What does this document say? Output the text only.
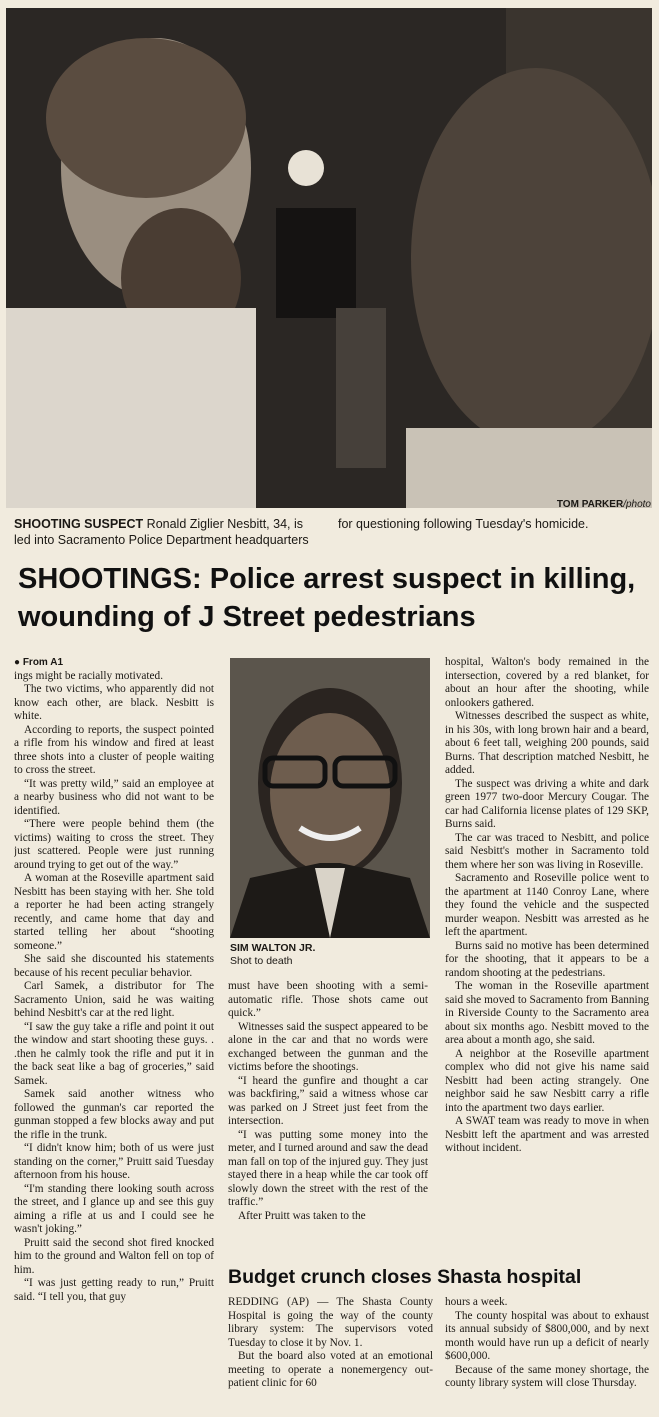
TOM PARKER/photo
SHOOTING SUSPECT Ronald Ziglier Nesbitt, 34, is led into Sacramento Police Department headquarters for questioning following Tuesday's homicide.
SHOOTINGS: Police arrest suspect in killing, wounding of J Street pedestrians
● From A1

ings might be racially motivated.

The two victims, who apparently did not know each other, are black. Nesbitt is white.

According to reports, the suspect pointed a rifle from his window and fired at least three shots into a cluster of people waiting to cross the street.

“It was pretty wild,” said an employee at a nearby business who did not want to be identified.

“There were people behind them (the victims) waiting to cross the street. They just scattered. People were just running around trying to get out of the way.”

A woman at the Roseville apartment said Nesbitt has been staying with her. She told a reporter he had been acting strangely recently, and came home that day and started telling her about “shooting someone.”

She said she discounted his statements because of his recent peculiar behavior.

Carl Samek, a distributor for The Sacramento Union, said he was waiting behind Nesbitt's car at the red light.

“I saw the guy take a rifle and point it out the window and start shooting these guys. . .then he calmly took the rifle and put it in the back seat like a bag of groceries,” said Samek.

Samek said another witness who followed the gunman's car reported the gunman stopped a few blocks away and put the rifle in the trunk.

“I didn't know him; both of us were just standing on the corner,” Pruitt said Tuesday afternoon from his house.

“I'm standing there looking south across the street, and I glance up and see this guy aiming a rifle at us and I could see he wasn't joking.”

Pruitt said the second shot fired knocked him to the ground and Walton fell on top of him.

“I was just getting ready to run,” Pruitt said. “I tell you, that guy

SIM WALTON JR.
Shot to death

must have been shooting with a semi-automatic rifle. Those shots came out quick.”

Witnesses said the suspect appeared to be alone in the car and that no words were exchanged between the gunman and the victims before the shootings.

“I heard the gunfire and thought a car was backfiring,” said a witness whose car was parked on J Street just feet from the intersection.

“I was putting some money into the meter, and I turned around and saw the dead man fall on top of the injured guy. They just stayed there in a heap while the car took off slowly down the street with the rest of the traffic.”

After Pruitt was taken to the

hospital, Walton's body remained in the intersection, covered by a red blanket, for about an hour after the shooting, while onlookers gathered.

Witnesses described the suspect as white, in his 30s, with long brown hair and a beard, about 6 feet tall, weighing 200 pounds, said Burns. That description matched Nesbitt, he added.

The suspect was driving a white and dark green 1977 two-door Mercury Cougar. The car had California license plates of 129 SKP, Burns said.

The car was traced to Nesbitt, and police said Nesbitt's mother in Sacramento told them where her son was living in Roseville.

Sacramento and Roseville police went to the apartment at 1140 Conroy Lane, where they found the vehicle and the suspected murder weapon. Nesbitt was arrested as he left the apartment.

Burns said no motive has been determined for the shooting, that it appears to be a random shooting at the pedestrians.

The woman in the Roseville apartment said she moved to Sacramento from Banning in Riverside County to the Sacramento area about six months ago. Nesbitt moved to the area about a month ago, she said.

A neighbor at the Roseville apartment complex who did not give his name said Nesbitt had been acting strangely. One neighbor said he saw Nesbitt carry a rifle into the apartment two days earlier.

A SWAT team was ready to move in when Nesbitt left the apartment and was arrested without incident.

Budget crunch closes Shasta hospital

REDDING (AP) — The Shasta County Hospital is going the way of the county library system: The supervisors voted Tuesday to close it by Nov. 1.

But the board also voted at an emotional meeting to operate a nonemergency out-patient clinic for 60

hours a week.

The county hospital was about to exhaust its annual subsidy of $800,000, and by next month would have run up a deficit of nearly $600,000.

Because of the same money shortage, the county library system will close Thursday.
